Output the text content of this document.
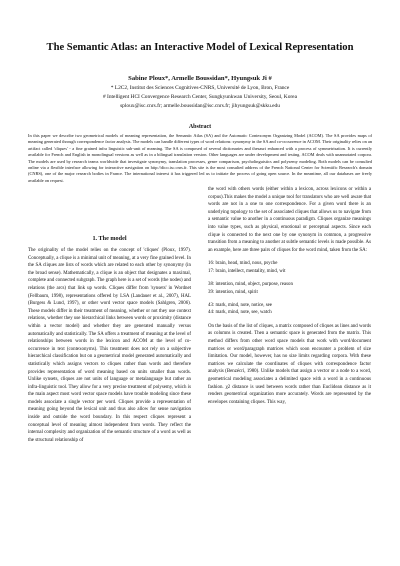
The Semantic Atlas: an Interactive Model of Lexical Representation
Sabine Ploux*, Armelle Boussidan*, Hyungsuk Ji #
* L2C2, Institut des Sciences Cognitives-CNRS, Université de Lyon, Bron, France
# Intelligent HCI Convergence Research Center, Sungkyunkwan University, Seoul, Korea
sploux@isc.cnrs.fr; armelle.boussidan@isc.cnrs.fr; jihyungsuk@skku.edu
Abstract
In this paper we describe two geometrical models of meaning representation, the Semantic Atlas (SA) and the Automatic Contexonym Organizing Model (ACOM). The SA provides maps of meaning generated through correspondence factor analysis. The models can handle different types of word relations: synonymy in the SA and co-occurrence in ACOM. Their originality relies on an artifact called 'cliques' - a fine grained infra linguistic sub-unit of meaning. The SA is composed of several dictionaries and thesauri enhanced with a process of symmetrisation. It is currently available for French and English in monolingual versions as well as in a bilingual translation version. Other languages are under development and testing. ACOM deals with unannotated corpora. The models are used by research teams worldwide that investigate synonymy, translation processes, genre comparison, psycholinguistics and polysemy modeling. Both models can be consulted online via a flexible interface allowing for interactive navigation on http://dico.isc.cnrs.fr. This site is the most consulted address of the French National Center for Scientific Research's domain (CNRS), one of the major research bodies in France. The international interest it has triggered led us to initiate the process of going open source. In the meantime, all our databases are freely available on request.
1. The model

The originality of the model relies on the concept of 'cliques' (Ploux, 1997). Conceptually, a clique is a minimal unit of meaning, at a very fine grained level. In the SA cliques are lists of words which are related to each other by synonymy (in the broad sense). Mathematically, a clique is an object that designates a maximal, complete and connected subgraph. The graph here is a set of words (the nodes) and relations (the arcs) that link up words. Cliques differ from 'synsets' in Wordnet (Fellbaum, 1998), representations offered by LSA (Landauer et al., 2007), HAL (Burgess & Lund, 1997), or other word vector space models (Sahlgren, 2006). These models differ in their treatment of meaning, whether or not they use context relations, whether they use hierarchical links between words or proximity (distance within a vector model) and whether they are generated manually versus automatically and statistically. The SA offers a treatment of meaning at the level of relationships between words in the lexicon and ACOM at the level of co-occurrence in text (contexonyms). This treatment does not rely on a subjective hierarchical classification but on a geometrical model generated automatically and statistically which assigns vectors to cliques rather than words and therefore provides representation of word meaning based on units smaller than words. Unlike synsets, cliques are not units of language or metalanguage but rather an infra-linguistic tool. They allow for a very precise treatment of polysemy, which is the main aspect most word vector space models have trouble modeling since these models associate a single vector per word. Cliques provide a representation of meaning going beyond the lexical unit and thus also allow for sense navigation inside and outside the word boundary. In this respect cliques represent a conceptual level of meaning almost independent from words. They reflect the internal complexity and organization of the semantic structure of a word as well as the structural relationship of

the word with others words (either within a lexicon, across lexicons or within a corpus).This makes the model a unique tool for translators who are well aware that words are not in a one to one correspondence. For a given word there is an underlying topology to the set of associated cliques that allows us to navigate from a semantic value to another in a continuous paradigm. Cliques organize meanings into value types, such as physical, emotional or perceptual aspects. Since each clique is connected to the next one by one synonym in common, a progressive transition from a meaning to another at subtle semantic levels is made possible. As an example, here are three pairs of cliques for the word mind, taken from the SA:

16: brain, head, mind, nous, psyche
17: brain, intellect, mentality, mind, wit
38: intention, mind, object, purpose, reason
39: intention, mind, spirit
43: mark, mind, note, notice, see
44: mark, mind, note, see, watch

On the basis of the list of cliques, a matrix composed of cliques as lines and words as columns is created. Then a semantic space is generated from the matrix. This method differs from other word space models that work with word/document matrices or word/paragraph matrices which soon encounter a problem of size limitation. Our model, however, has no size limits regarding corpora. With these matrices we calculate the coordinates of cliques with correspondence factor analysis (Benzécri, 1980). Unlike models that assign a vector or a node to a word, geometrical modeling associates a delimited space with a word in a continuous fashion. χ2 distance is used between words rather than Euclidean distance as it renders geometrical organization more accurately. Words are represented by the envelopes containing cliques. This way,
